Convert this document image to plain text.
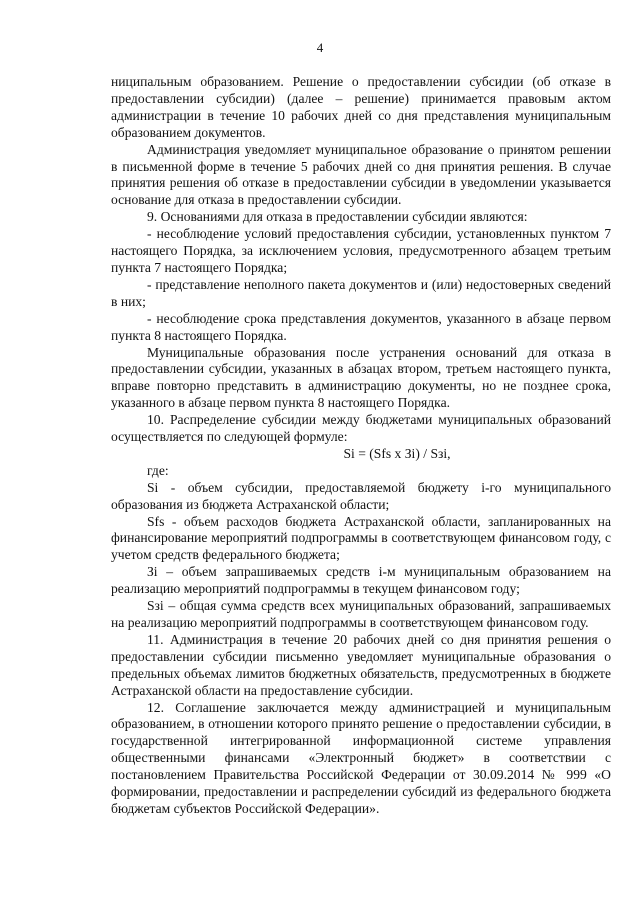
4

ниципальным образованием. Решение о предоставлении субсидии (об отказе в предоставлении субсидии) (далее – решение) принимается правовым актом администрации в течение 10 рабочих дней со дня представления муниципальным образованием документов.

Администрация уведомляет муниципальное образование о принятом решении в письменной форме в течение 5 рабочих дней со дня принятия решения. В случае принятия решения об отказе в предоставлении субсидии в уведомлении указывается основание для отказа в предоставлении субсидии.

9. Основаниями для отказа в предоставлении субсидии являются:

- несоблюдение условий предоставления субсидии, установленных пунктом 7 настоящего Порядка, за исключением условия, предусмотренного абзацем третьим пункта 7 настоящего Порядка;

- представление неполного пакета документов и (или) недостоверных сведений в них;

- несоблюдение срока представления документов, указанного в абзаце первом пункта 8 настоящего Порядка.

Муниципальные образования после устранения оснований для отказа в предоставлении субсидии, указанных в абзацах втором, третьем настоящего пункта, вправе повторно представить в администрацию документы, но не позднее срока, указанного в абзаце первом пункта 8 настоящего Порядка.

10. Распределение субсидии между бюджетами муниципальных образований осуществляется по следующей формуле:

Si = (Sfs x Зi) / Sзi,

где:

Si - объем субсидии, предоставляемой бюджету i-го муниципального образования из бюджета Астраханской области;

Sfs - объем расходов бюджета Астраханской области, запланированных на финансирование мероприятий подпрограммы в соответствующем финансовом году, с учетом средств федерального бюджета;

Зi – объем запрашиваемых средств i-м муниципальным образованием на реализацию мероприятий подпрограммы в текущем финансовом году;

Sзi – общая сумма средств всех муниципальных образований, запрашиваемых на реализацию мероприятий подпрограммы в соответствующем финансовом году.

11. Администрация в течение 20 рабочих дней со дня принятия решения о предоставлении субсидии письменно уведомляет муниципальные образования о предельных объемах лимитов бюджетных обязательств, предусмотренных в бюджете Астраханской области на предоставление субсидии.

12. Соглашение заключается между администрацией и муниципальным образованием, в отношении которого принято решение о предоставлении субсидии, в государственной интегрированной информационной системе управления общественными финансами «Электронный бюджет» в соответствии с постановлением Правительства Российской Федерации от 30.09.2014 № 999 «О формировании, предоставлении и распределении субсидий из федерального бюджета бюджетам субъектов Российской Федерации».
